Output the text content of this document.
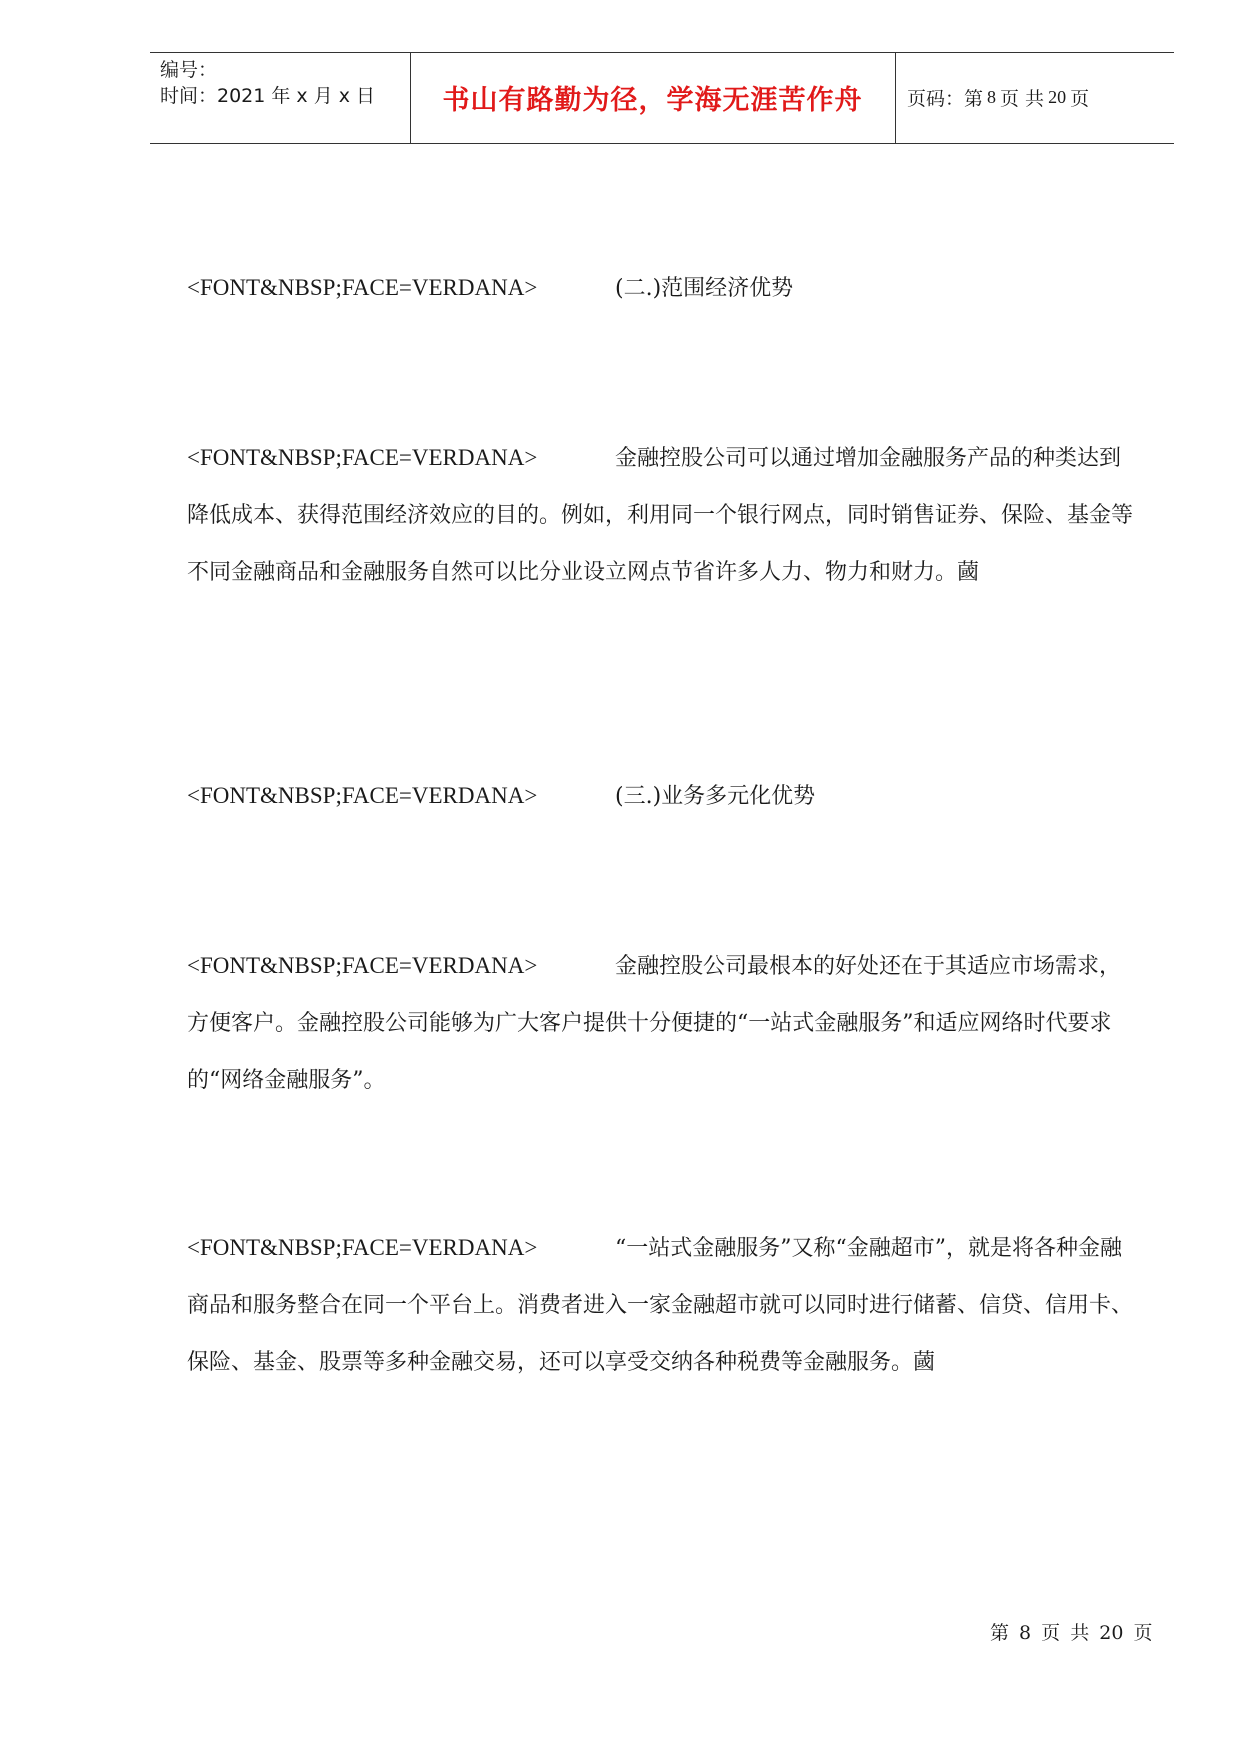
编号：
时间：2021 年 x 月 x 日	书山有路勤为径，学海无涯苦作舟	页码：第 8 页 共 20 页

<FONT&NBSP;FACE=VERDANA>	(二.)范围经济优势

<FONT&NBSP;FACE=VERDANA>	金融控股公司可以通过增加金融服务产品的种类达到降低成本、获得范围经济效应的目的。例如，利用同一个银行网点，同时销售证券、保险、基金等不同金融商品和金融服务自然可以比分业设立网点节省许多人力、物力和财力。蔮

<FONT&NBSP;FACE=VERDANA>	(三.)业务多元化优势

<FONT&NBSP;FACE=VERDANA>	金融控股公司最根本的好处还在于其适应市场需求，方便客户。金融控股公司能够为广大客户提供十分便捷的“一站式金融服务”和适应网络时代要求的“网络金融服务”。

<FONT&NBSP;FACE=VERDANA>	“一站式金融服务”又称“金融超市”，就是将各种金融商品和服务整合在同一个平台上。消费者进入一家金融超市就可以同时进行储蓄、信贷、信用卡、保险、基金、股票等多种金融交易，还可以享受交纳各种税费等金融服务。蔮

第 8 页 共 20 页
